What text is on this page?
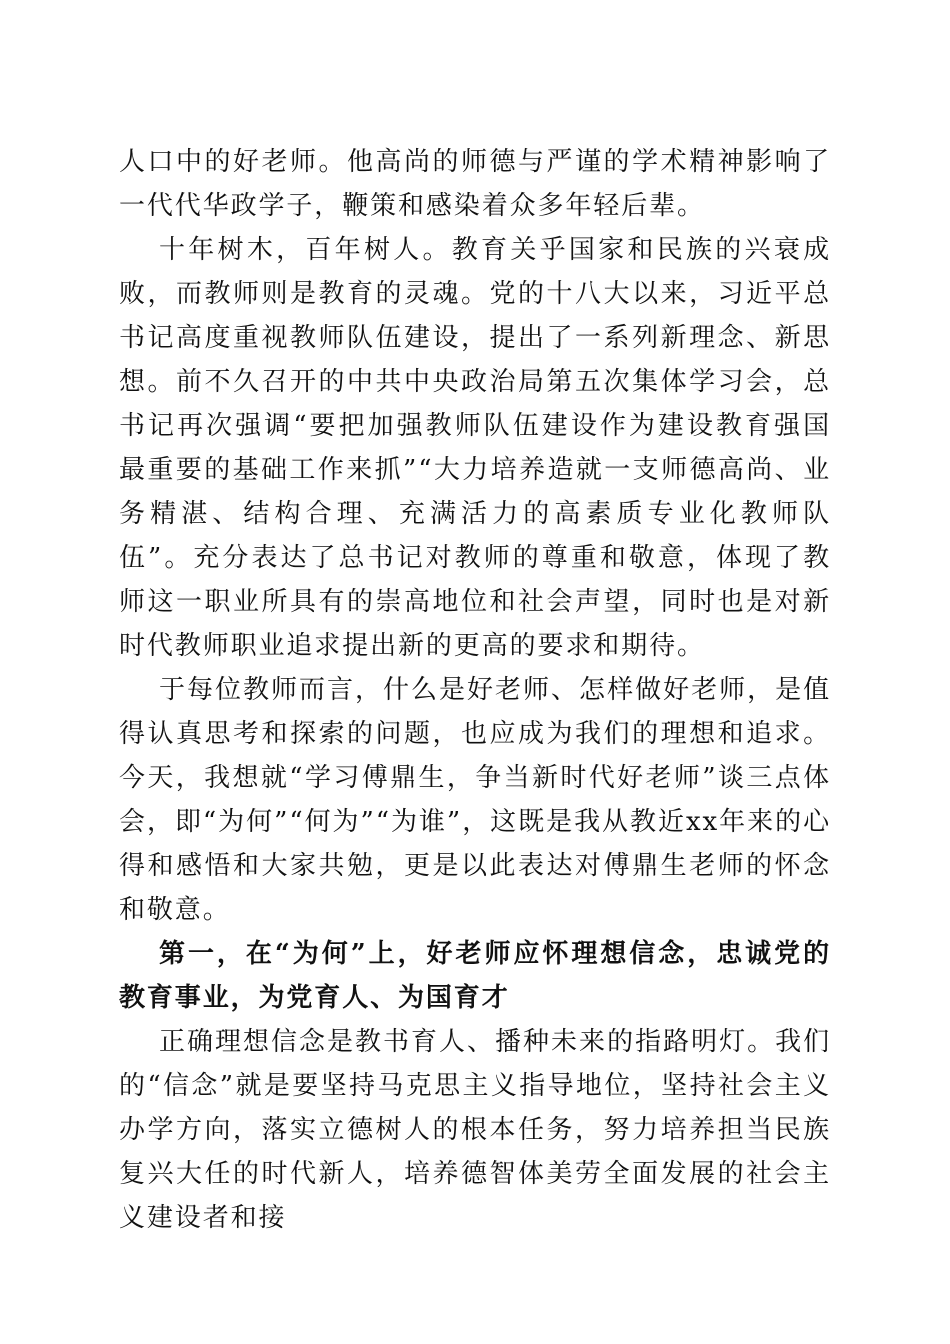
人口中的好老师。他高尚的师德与严谨的学术精神影响了一代代华政学子，鞭策和感染着众多年轻后辈。

十年树木，百年树人。教育关乎国家和民族的兴衰成败，而教师则是教育的灵魂。党的十八大以来，习近平总书记高度重视教师队伍建设，提出了一系列新理念、新思想。前不久召开的中共中央政治局第五次集体学习会，总书记再次强调“要把加强教师队伍建设作为建设教育强国最重要的基础工作来抓”“大力培养造就一支师德高尚、业务精湛、结构合理、充满活力的高素质专业化教师队伍”。充分表达了总书记对教师的尊重和敬意，体现了教师这一职业所具有的崇高地位和社会声望，同时也是对新时代教师职业追求提出新的更高的要求和期待。

于每位教师而言，什么是好老师、怎样做好老师，是值得认真思考和探索的问题，也应成为我们的理想和追求。今天，我想就“学习傅鼎生，争当新时代好老师”谈三点体会，即“为何”“何为”“为谁”，这既是我从教近xx年来的心得和感悟和大家共勉，更是以此表达对傅鼎生老师的怀念和敬意。

第一，在“为何”上，好老师应怀理想信念，忠诚党的教育事业，为党育人、为国育才

正确理想信念是教书育人、播种未来的指路明灯。我们的“信念”就是要坚持马克思主义指导地位，坚持社会主义办学方向，落实立德树人的根本任务，努力培养担当民族复兴大任的时代新人，培养德智体美劳全面发展的社会主义建设者和接
